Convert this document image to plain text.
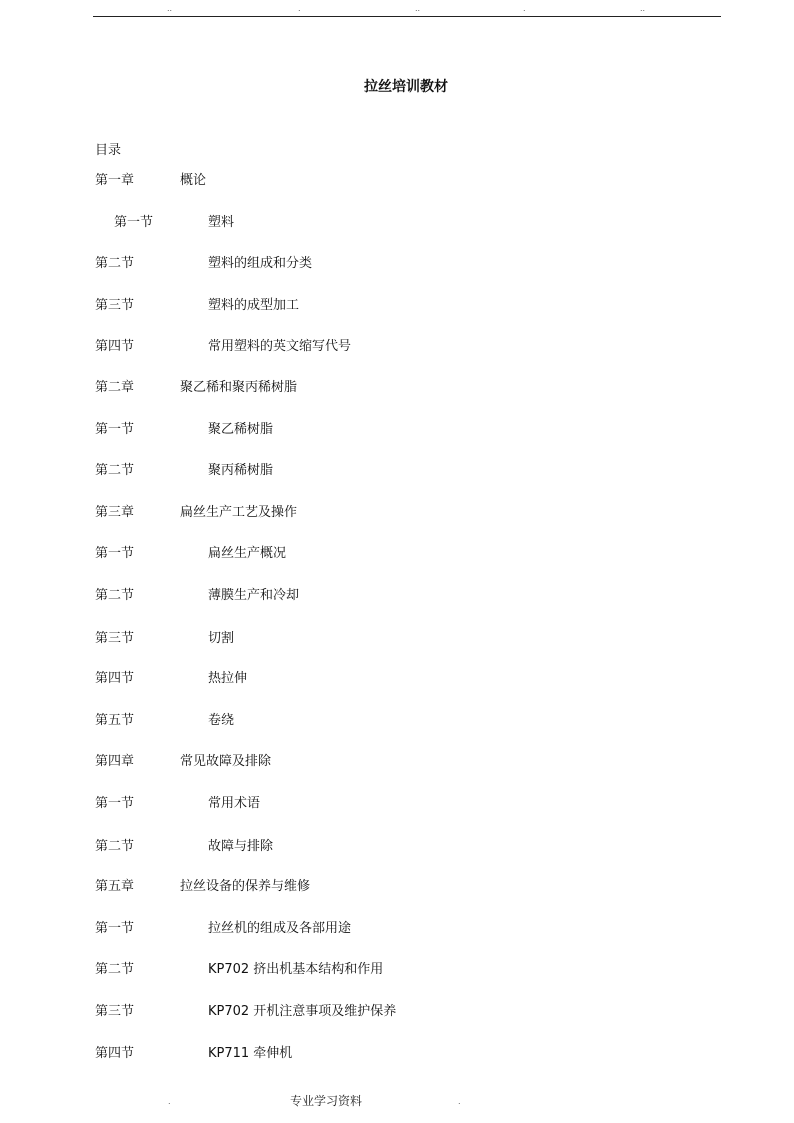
..	.	..	.	..
拉丝培训教材
目录
第一章	概论
第一节	塑料
第二节	塑料的组成和分类
第三节	塑料的成型加工
第四节	常用塑料的英文缩写代号
第二章	聚乙稀和聚丙稀树脂
第一节	聚乙稀树脂
第二节	聚丙稀树脂
第三章	扁丝生产工艺及操作
第一节	扁丝生产概况
第二节	薄膜生产和冷却
第三节	切割
第四节	热拉伸
第五节	卷绕
第四章	常见故障及排除
第一节	常用术语
第二节	故障与排除
第五章	拉丝设备的保养与维修
第一节	拉丝机的组成及各部用途
第二节	KP702 挤出机基本结构和作用
第三节	KP702 开机注意事项及维护保养
第四节	KP711 牵伸机
.	专业学习资料	.
